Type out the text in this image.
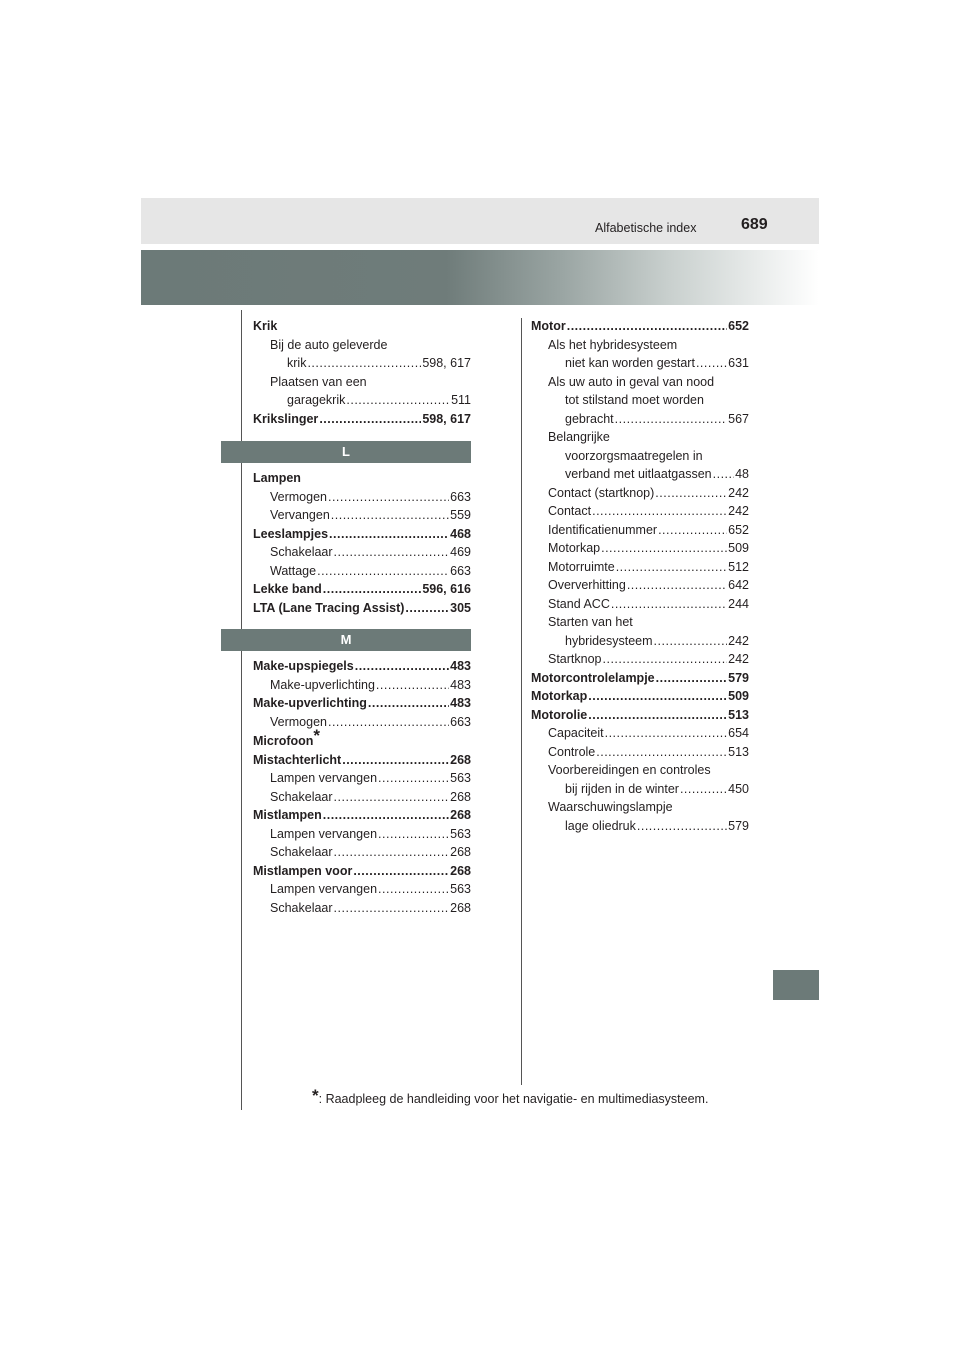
Alfabetische index	689
Krik
Bij de auto geleverde
krik .....	598, 617
Plaatsen van een
garagekrik .....	511
Krikslinger .....	598, 617
L
Lampen
Vermogen .....	663
Vervangen .....	559
Leeslampjes .....	468
Schakelaar .....	469
Wattage .....	663
Lekke band .....	596, 616
LTA (Lane Tracing Assist) .....	305
M
Make-upspiegels .....	483
Make-upverlichting .....	483
Make-upverlichting .....	483
Vermogen .....	663
Microfoon *
Mistachterlicht .....	268
Lampen vervangen .....	563
Schakelaar .....	268
Mistlampen .....	268
Lampen vervangen .....	563
Schakelaar .....	268
Mistlampen voor .....	268
Lampen vervangen .....	563
Schakelaar .....	268
Motor .....	652
Als het hybridesysteem
niet kan worden gestart .....	631
Als uw auto in geval van nood
tot stilstand moet worden
gebracht .....	567
Belangrijke
voorzorgsmaatregelen in
verband met uitlaatgassen ..... 48
Contact (startknop) .....	242
Contact .....	242
Identificatienummer .....	652
Motorkap .....	509
Motorruimte .....	512
Oververhitting .....	642
Stand ACC .....	244
Starten van het
hybridesysteem .....	242
Startknop .....	242
Motorcontrolelampje .....	579
Motorkap .....	509
Motorolie .....	513
Capaciteit .....	654
Controle .....	513
Voorbereidingen en controles
bij rijden in de winter .....	450
Waarschuwingslampje
lage oliedruk .....	579
*: Raadpleeg de handleiding voor het navigatie- en multimediasysteem.
